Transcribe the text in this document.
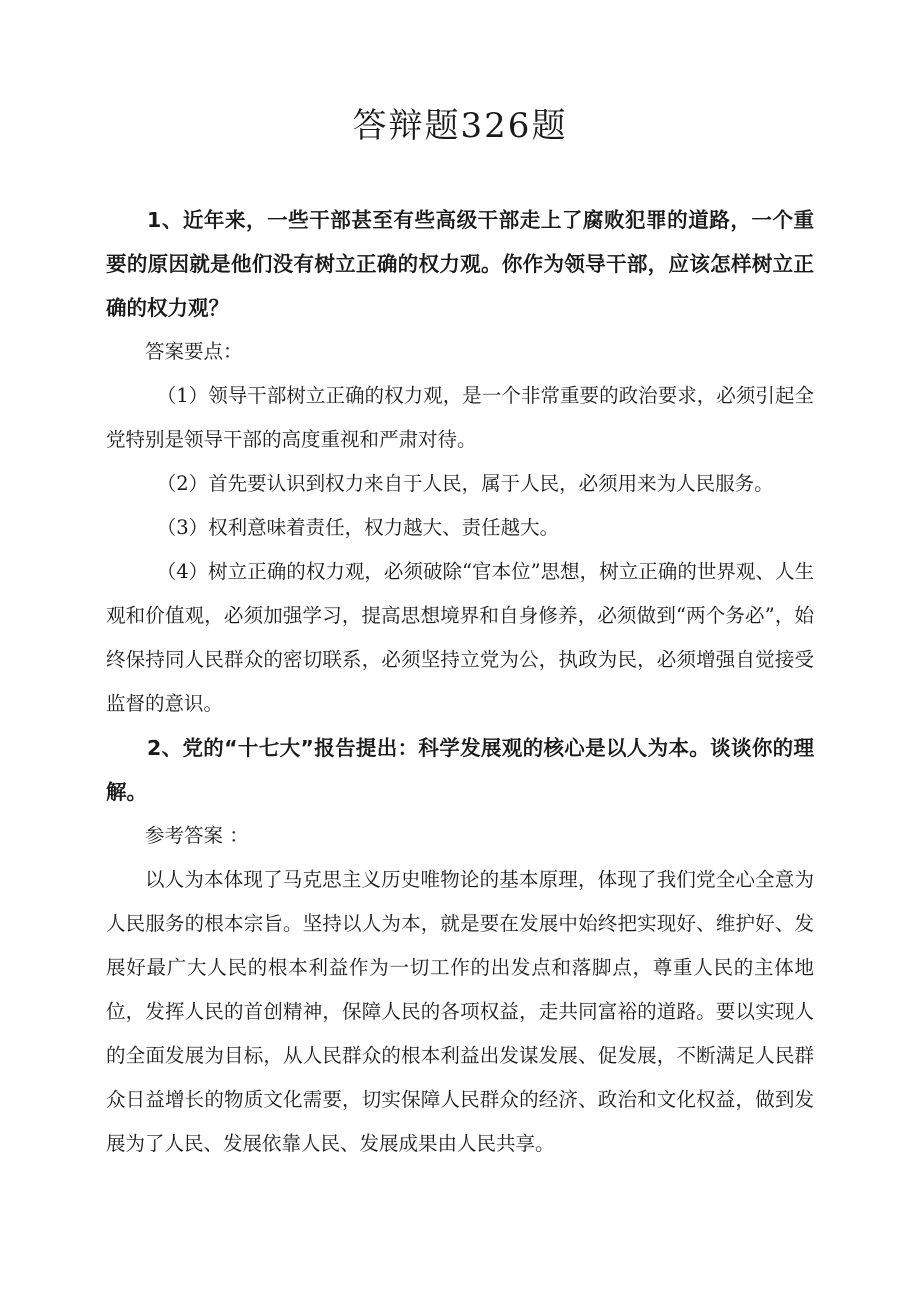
答辩题326题

1、近年来，一些干部甚至有些高级干部走上了腐败犯罪的道路，一个重要的原因就是他们没有树立正确的权力观。你作为领导干部，应该怎样树立正确的权力观？

答案要点：

（1）领导干部树立正确的权力观，是一个非常重要的政治要求，必须引起全党特别是领导干部的高度重视和严肃对待。

（2）首先要认识到权力来自于人民，属于人民，必须用来为人民服务。

（3）权利意味着责任，权力越大、责任越大。

（4）树立正确的权力观，必须破除“官本位”思想，树立正确的世界观、人生观和价值观，必须加强学习，提高思想境界和自身修养，必须做到“两个务必”，始终保持同人民群众的密切联系，必须坚持立党为公，执政为民，必须增强自觉接受监督的意识。

2、党的“十七大”报告提出：科学发展观的核心是以人为本。谈谈你的理解。

参考答案 ：

以人为本体现了马克思主义历史唯物论的基本原理，体现了我们党全心全意为人民服务的根本宗旨。坚持以人为本，就是要在发展中始终把实现好、维护好、发展好最广大人民的根本利益作为一切工作的出发点和落脚点，尊重人民的主体地位，发挥人民的首创精神，保障人民的各项权益，走共同富裕的道路。要以实现人的全面发展为目标，从人民群众的根本利益出发谋发展、促发展，不断满足人民群众日益增长的物质文化需要，切实保障人民群众的经济、政治和文化权益，做到发展为了人民、发展依靠人民、发展成果由人民共享。
